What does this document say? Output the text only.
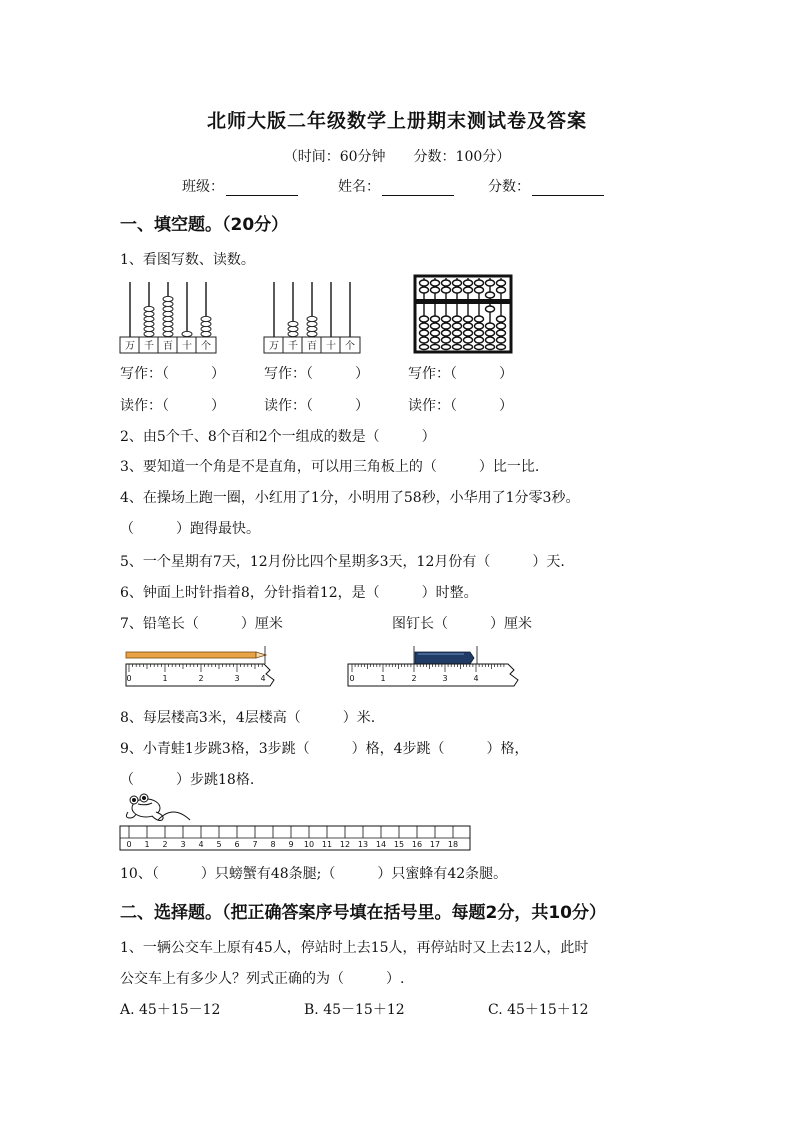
北师大版二年级数学上册期末测试卷及答案
（时间：60分钟　　分数：100分）
班级：	姓名：	分数：
一、填空题。（20分）
1、看图写数、读数。
万 千 百 十 个	万 千 百 十 个
写作：（　　　）	写作：（　　　）	写作：（　　　）
读作：（　　　）	读作：（　　　）	读作：（　　　）
2、由5个千、8个百和2个一组成的数是（　　　）
3、要知道一个角是不是直角，可以用三角板上的（　　　）比一比.
4、在操场上跑一圈，小红用了1分，小明用了58秒，小华用了1分零3秒。
（　　　）跑得最快。
5、一个星期有7天，12月份比四个星期多3天，12月份有（　　　）天.
6、钟面上时针指着8，分针指着12，是（　　　）时整。
7、铅笔长（　　　）厘米	图钉长（　　　）厘米
0	1	2	3	4	0	1	2	3	4
8、每层楼高3米，4层楼高（　　　）米.
9、小青蛙1步跳3格，3步跳（　　　）格，4步跳（　　　）格，
（　　　）步跳18格.
0 1 2 3 4 5 6 7 8 9 10 11 12 13 14 15 16 17 18
10、（　　　）只螃蟹有48条腿;（　　　）只蜜蜂有42条腿。
二、选择题。（把正确答案序号填在括号里。每题2分，共10分）
1、一辆公交车上原有45人，停站时上去15人，再停站时又上去12人，此时
公交车上有多少人？列式正确的为（　　　）.
A. 45＋15－12	B. 45－15＋12	C. 45＋15＋12
